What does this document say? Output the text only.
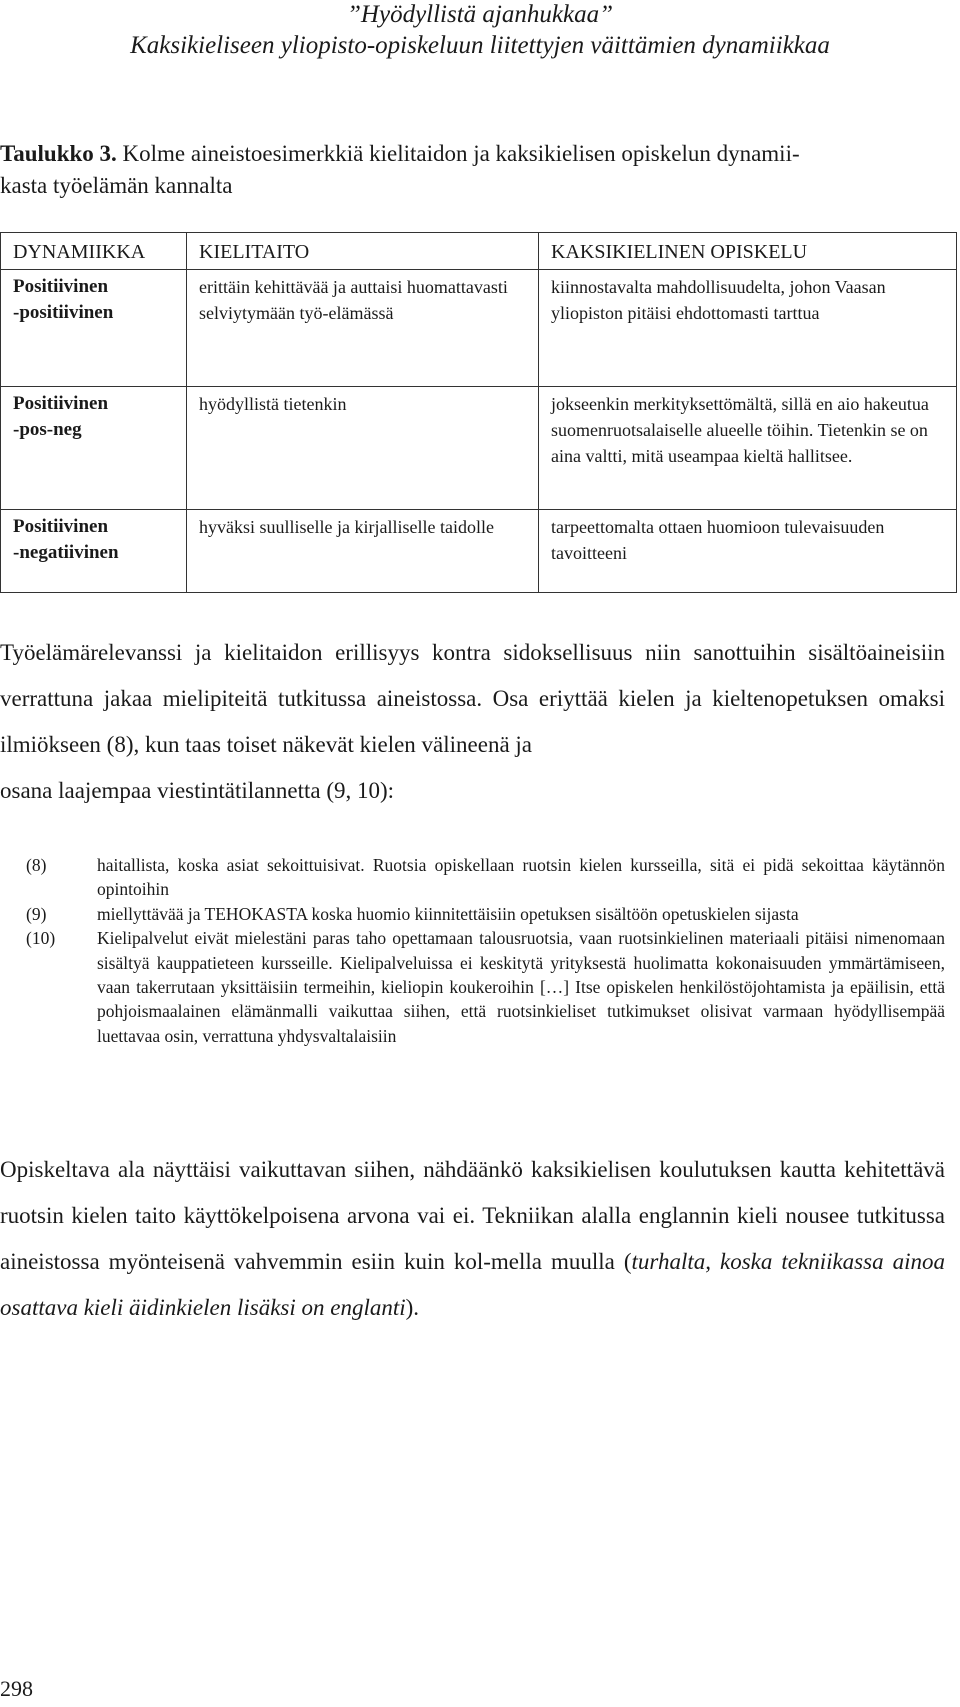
”Hyödyllistä ajanhukkaa”
Kaksikieliseen yliopisto-opiskeluun liitettyjen väittämien dynamiikkaa
Taulukko 3. Kolme aineistoesimerkkiä kielitaidon ja kaksikielisen opiskelun dynamii-
kasta työelämän kannalta
DYNAMIIKKA	KIELITAITO	KAKSIKIELINEN OPISKELU
Positiivinen
-positiivinen	erittäin kehittävää ja auttaisi huomattavasti selviytymään työ-elämässä	kiinnostavalta mahdollisuudelta, johon Vaasan yliopiston pitäisi ehdottomasti tarttua
Positiivinen
-pos-neg	hyödyllistä tietenkin	jokseenkin merkityksettömältä, sillä en aio hakeutua suomenruotsalaiselle alueelle töihin. Tietenkin se on aina valtti, mitä useampaa kieltä hallitsee.
Positiivinen
-negatiivinen	hyväksi suulliselle ja kirjalliselle taidolle	tarpeettomalta ottaen huomioon tulevaisuuden tavoitteeni
Työelämärelevanssi ja kielitaidon erillisyys kontra sidoksellisuus niin sanottuihin sisältöaineisiin verrattuna jakaa mielipiteitä tutkitussa aineistossa. Osa eriyttää kielen ja kieltenopetuksen omaksi ilmiökseen (8), kun taas toiset näkevät kielen välineenä ja
osana laajempaa viestintätilannetta (9, 10):
(8)	haitallista, koska asiat sekoittuisivat. Ruotsia opiskellaan ruotsin kielen kursseilla, sitä ei pidä sekoittaa käytännön opintoihin
(9)	miellyttävää ja TEHOKASTA koska huomio kiinnitettäisiin opetuksen sisältöön opetuskielen sijasta
(10) Kielipalvelut eivät mielestäni paras taho opettamaan talousruotsia, vaan ruotsinkielinen materiaali pitäisi nimenomaan sisältyä kauppatieteen kursseille. Kielipalveluissa ei keskitytä yrityksestä huolimatta kokonaisuuden ymmärtämiseen, vaan takerrutaan yksittäisiin termeihin, kieliopin koukeroihin […] Itse opiskelen henkilöstöjohtamista ja epäilisin, että pohjoismaalainen elämänmalli vaikuttaa siihen, että ruotsinkieliset tutkimukset olisivat varmaan hyödyllisempää luettavaa osin, verrattuna yhdysvaltalaisiin
Opiskeltava ala näyttäisi vaikuttavan siihen, nähdäänkö kaksikielisen koulutuksen kautta kehitettävä ruotsin kielen taito käyttökelpoisena arvona vai ei. Tekniikan alalla englannin kieli nousee tutkitussa aineistossa myönteisenä vahvemmin esiin kuin kol-mella muulla (turhalta, koska tekniikassa ainoa osattava kieli äidinkielen lisäksi on englanti).
298
